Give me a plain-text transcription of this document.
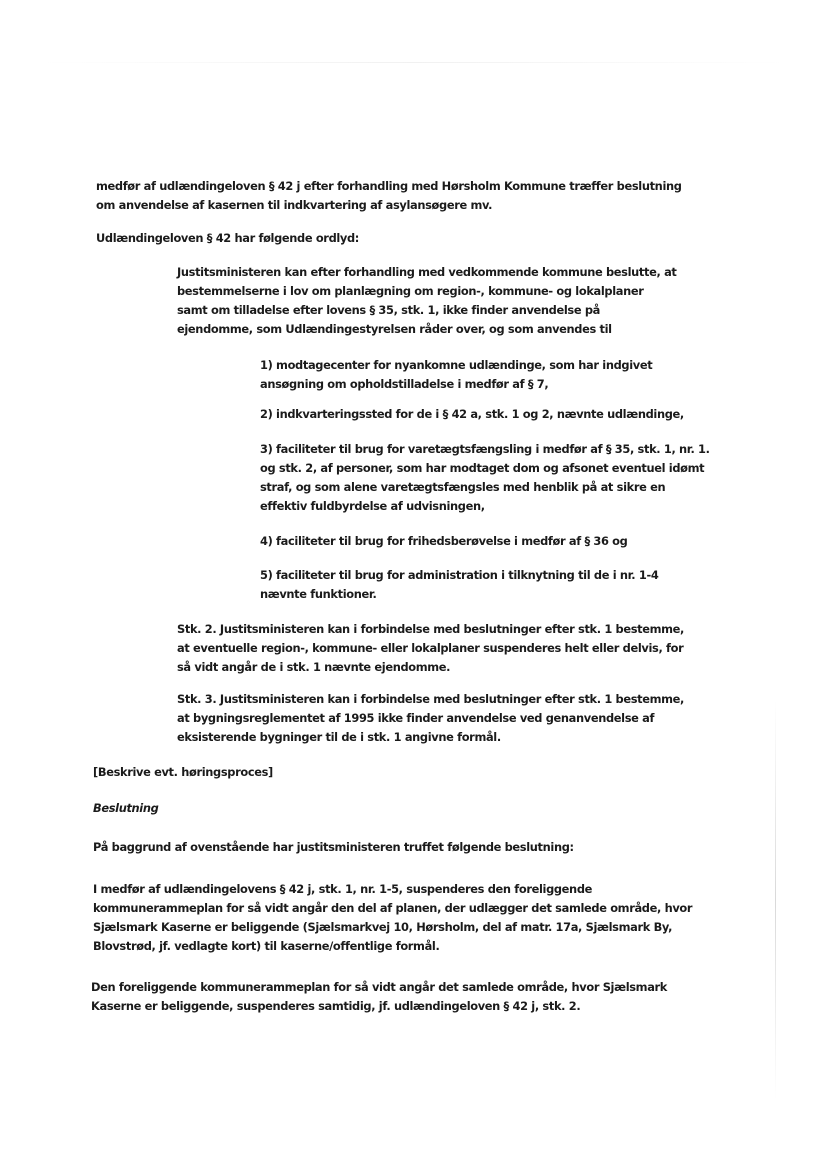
medfør af udlændingeloven § 42 j efter forhandling med Hørsholm Kommune træffer beslutning om anvendelse af kasernen til indkvartering af asylansøgere mv.

Udlændingeloven § 42 har følgende ordlyd:

Justitsministeren kan efter forhandling med vedkommende kommune beslutte, at bestemmelserne i lov om planlægning om region-, kommune- og lokalplaner samt om tilladelse efter lovens § 35, stk. 1, ikke finder anvendelse på ejendomme, som Udlændingestyrelsen råder over, og som anvendes til

1) modtagecenter for nyankomne udlændinge, som har indgivet ansøgning om opholdstilladelse i medfør af § 7,

2) indkvarteringssted for de i § 42 a, stk. 1 og 2, nævnte udlændinge,

3) faciliteter til brug for varetægtsfængsling i medfør af § 35, stk. 1, nr. 1. og stk. 2, af personer, som har modtaget dom og afsonet eventuel idømt straf, og som alene varetægtsfængsles med henblik på at sikre en effektiv fuldbyrdelse af udvisningen,

4) faciliteter til brug for frihedsberøvelse i medfør af § 36 og

5) faciliteter til brug for administration i tilknytning til de i nr. 1-4 nævnte funktioner.

Stk. 2. Justitsministeren kan i forbindelse med beslutninger efter stk. 1 bestemme, at eventuelle region-, kommune- eller lokalplaner suspenderes helt eller delvis, for så vidt angår de i stk. 1 nævnte ejendomme.

Stk. 3. Justitsministeren kan i forbindelse med beslutninger efter stk. 1 bestemme, at bygningsreglementet af 1995 ikke finder anvendelse ved genanvendelse af eksisterende bygninger til de i stk. 1 angivne formål.

[Beskrive evt. høringsproces]

Beslutning

På baggrund af ovenstående har justitsministeren truffet følgende beslutning:

I medfør af udlændingelovens § 42 j, stk. 1, nr. 1-5, suspenderes den foreliggende kommunerammeplan for så vidt angår den del af planen, der udlægger det samlede område, hvor Sjælsmark Kaserne er beliggende (Sjælsmarkvej 10, Hørsholm, del af matr. 17a, Sjælsmark By, Blovstrød, jf. vedlagte kort) til kaserne/offentlige formål.

Den foreliggende kommunerammeplan for så vidt angår det samlede område, hvor Sjælsmark Kaserne er beliggende, suspenderes samtidig, jf. udlændingeloven § 42 j, stk. 2.
